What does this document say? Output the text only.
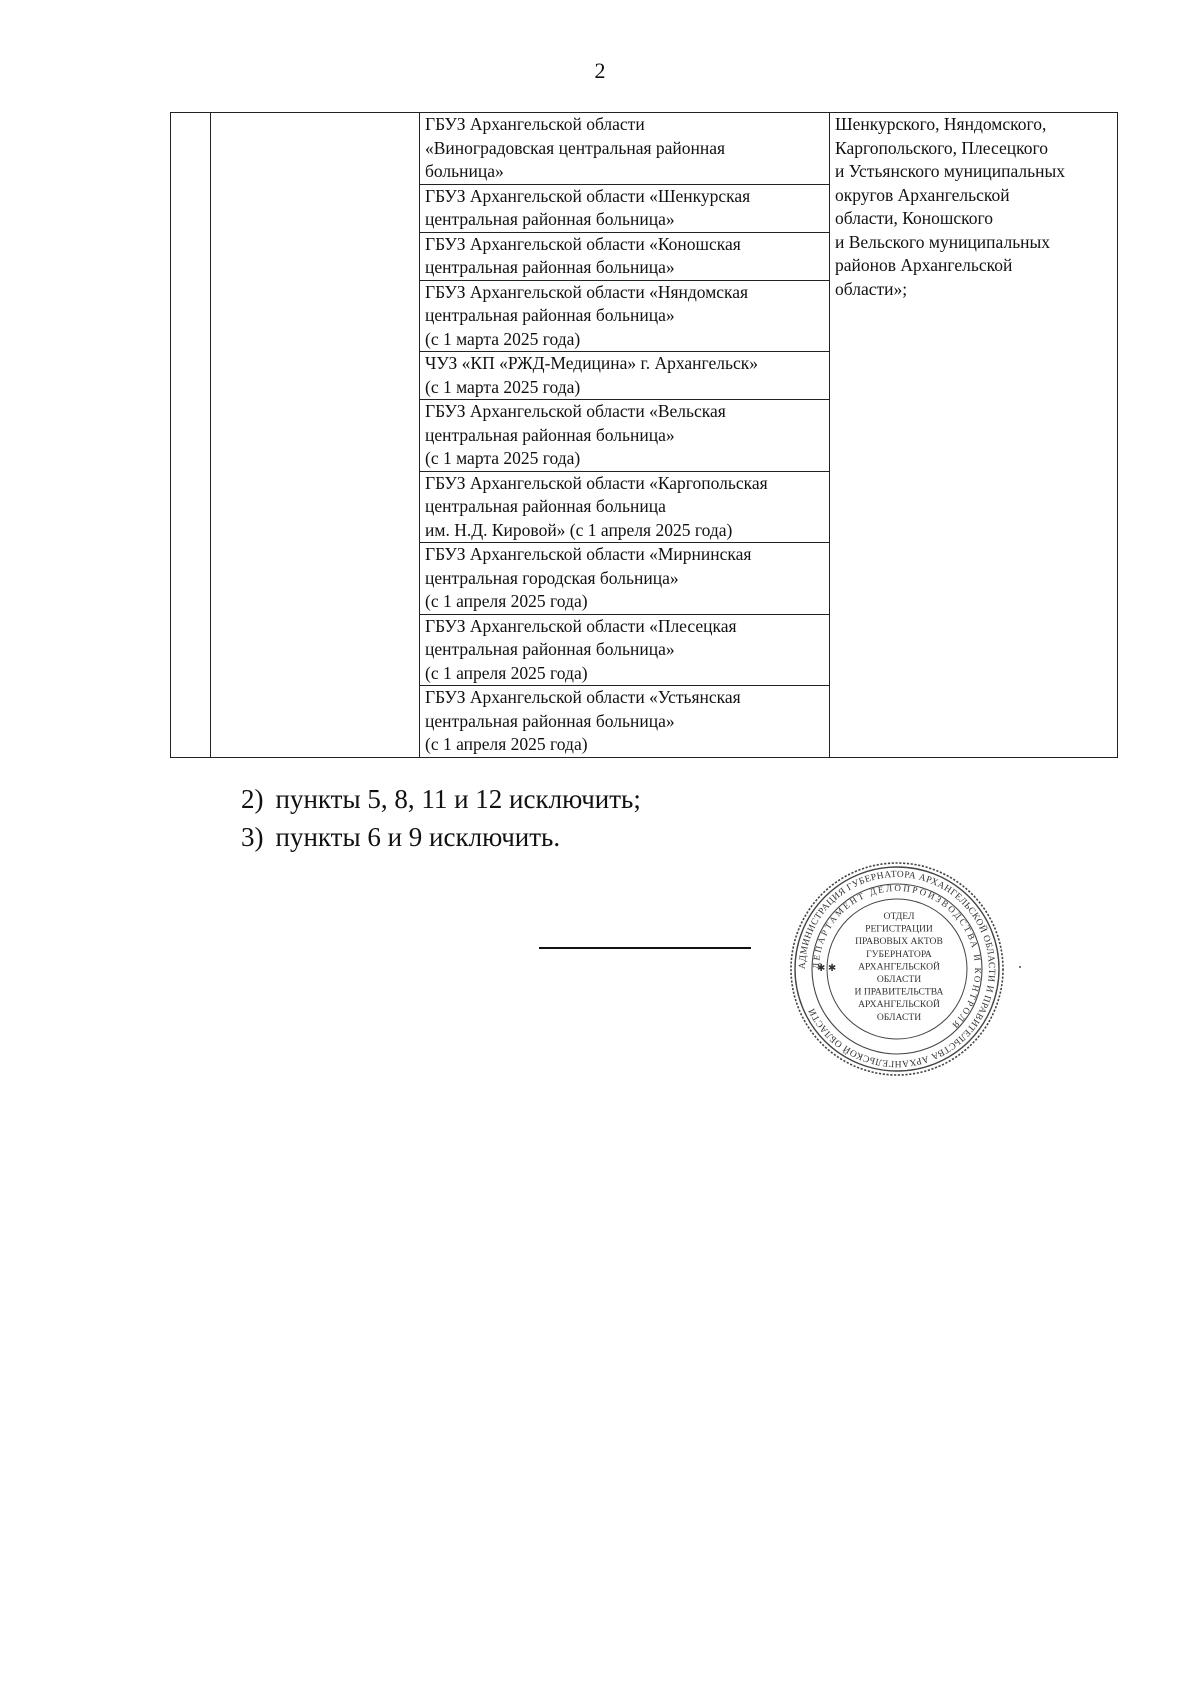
2

ГБУЗ Архангельской области
«Виноградовская центральная районная
больница»

Шенкурского, Няндомского,
Каргопольского, Плесецкого
и Устьянского муниципальных
округов Архангельской
области, Коношского
и Вельского муниципальных
районов Архангельской
области»;

ГБУЗ Архангельской области «Шенкурская
центральная районная больница»

ГБУЗ Архангельской области «Коношская
центральная районная больница»

ГБУЗ Архангельской области «Няндомская
центральная районная больница»
(с 1 марта 2025 года)

ЧУЗ «КП «РЖД-Медицина» г. Архангельск»
(с 1 марта 2025 года)

ГБУЗ Архангельской области «Вельская
центральная районная больница»
(с 1 марта 2025 года)

ГБУЗ Архангельской области «Каргопольская
центральная районная больница
им. Н.Д. Кировой» (с 1 апреля 2025 года)

ГБУЗ Архангельской области «Мирнинская
центральная городская больница»
(с 1 апреля 2025 года)

ГБУЗ Архангельской области «Плесецкая
центральная районная больница»
(с 1 апреля 2025 года)

ГБУЗ Архангельской области «Устьянская
центральная районная больница»
(с 1 апреля 2025 года)
2) пункты 5, 8, 11 и 12 исключить;
3) пункты 6 и 9 исключить.
АДМИНИСТРАЦИЯ ГУБЕРНАТОРА АРХАНГЕЛЬСКОЙ ОБЛАСТИ И ПРАВИТЕЛЬСТВА АРХАНГЕЛЬСКОЙ ОБЛАСТИ
ДЕПАРТАМЕНТ ДЕЛОПРОИЗВОДСТВА И КОНТРОЛЯ
✱ ✱
ОТДЕЛ
РЕГИСТРАЦИИ
ПРАВОВЫХ АКТОВ
ГУБЕРНАТОРА
АРХАНГЕЛЬСКОЙ
ОБЛАСТИ
И ПРАВИТЕЛЬСТВА
АРХАНГЕЛЬСКОЙ
ОБЛАСТИ
